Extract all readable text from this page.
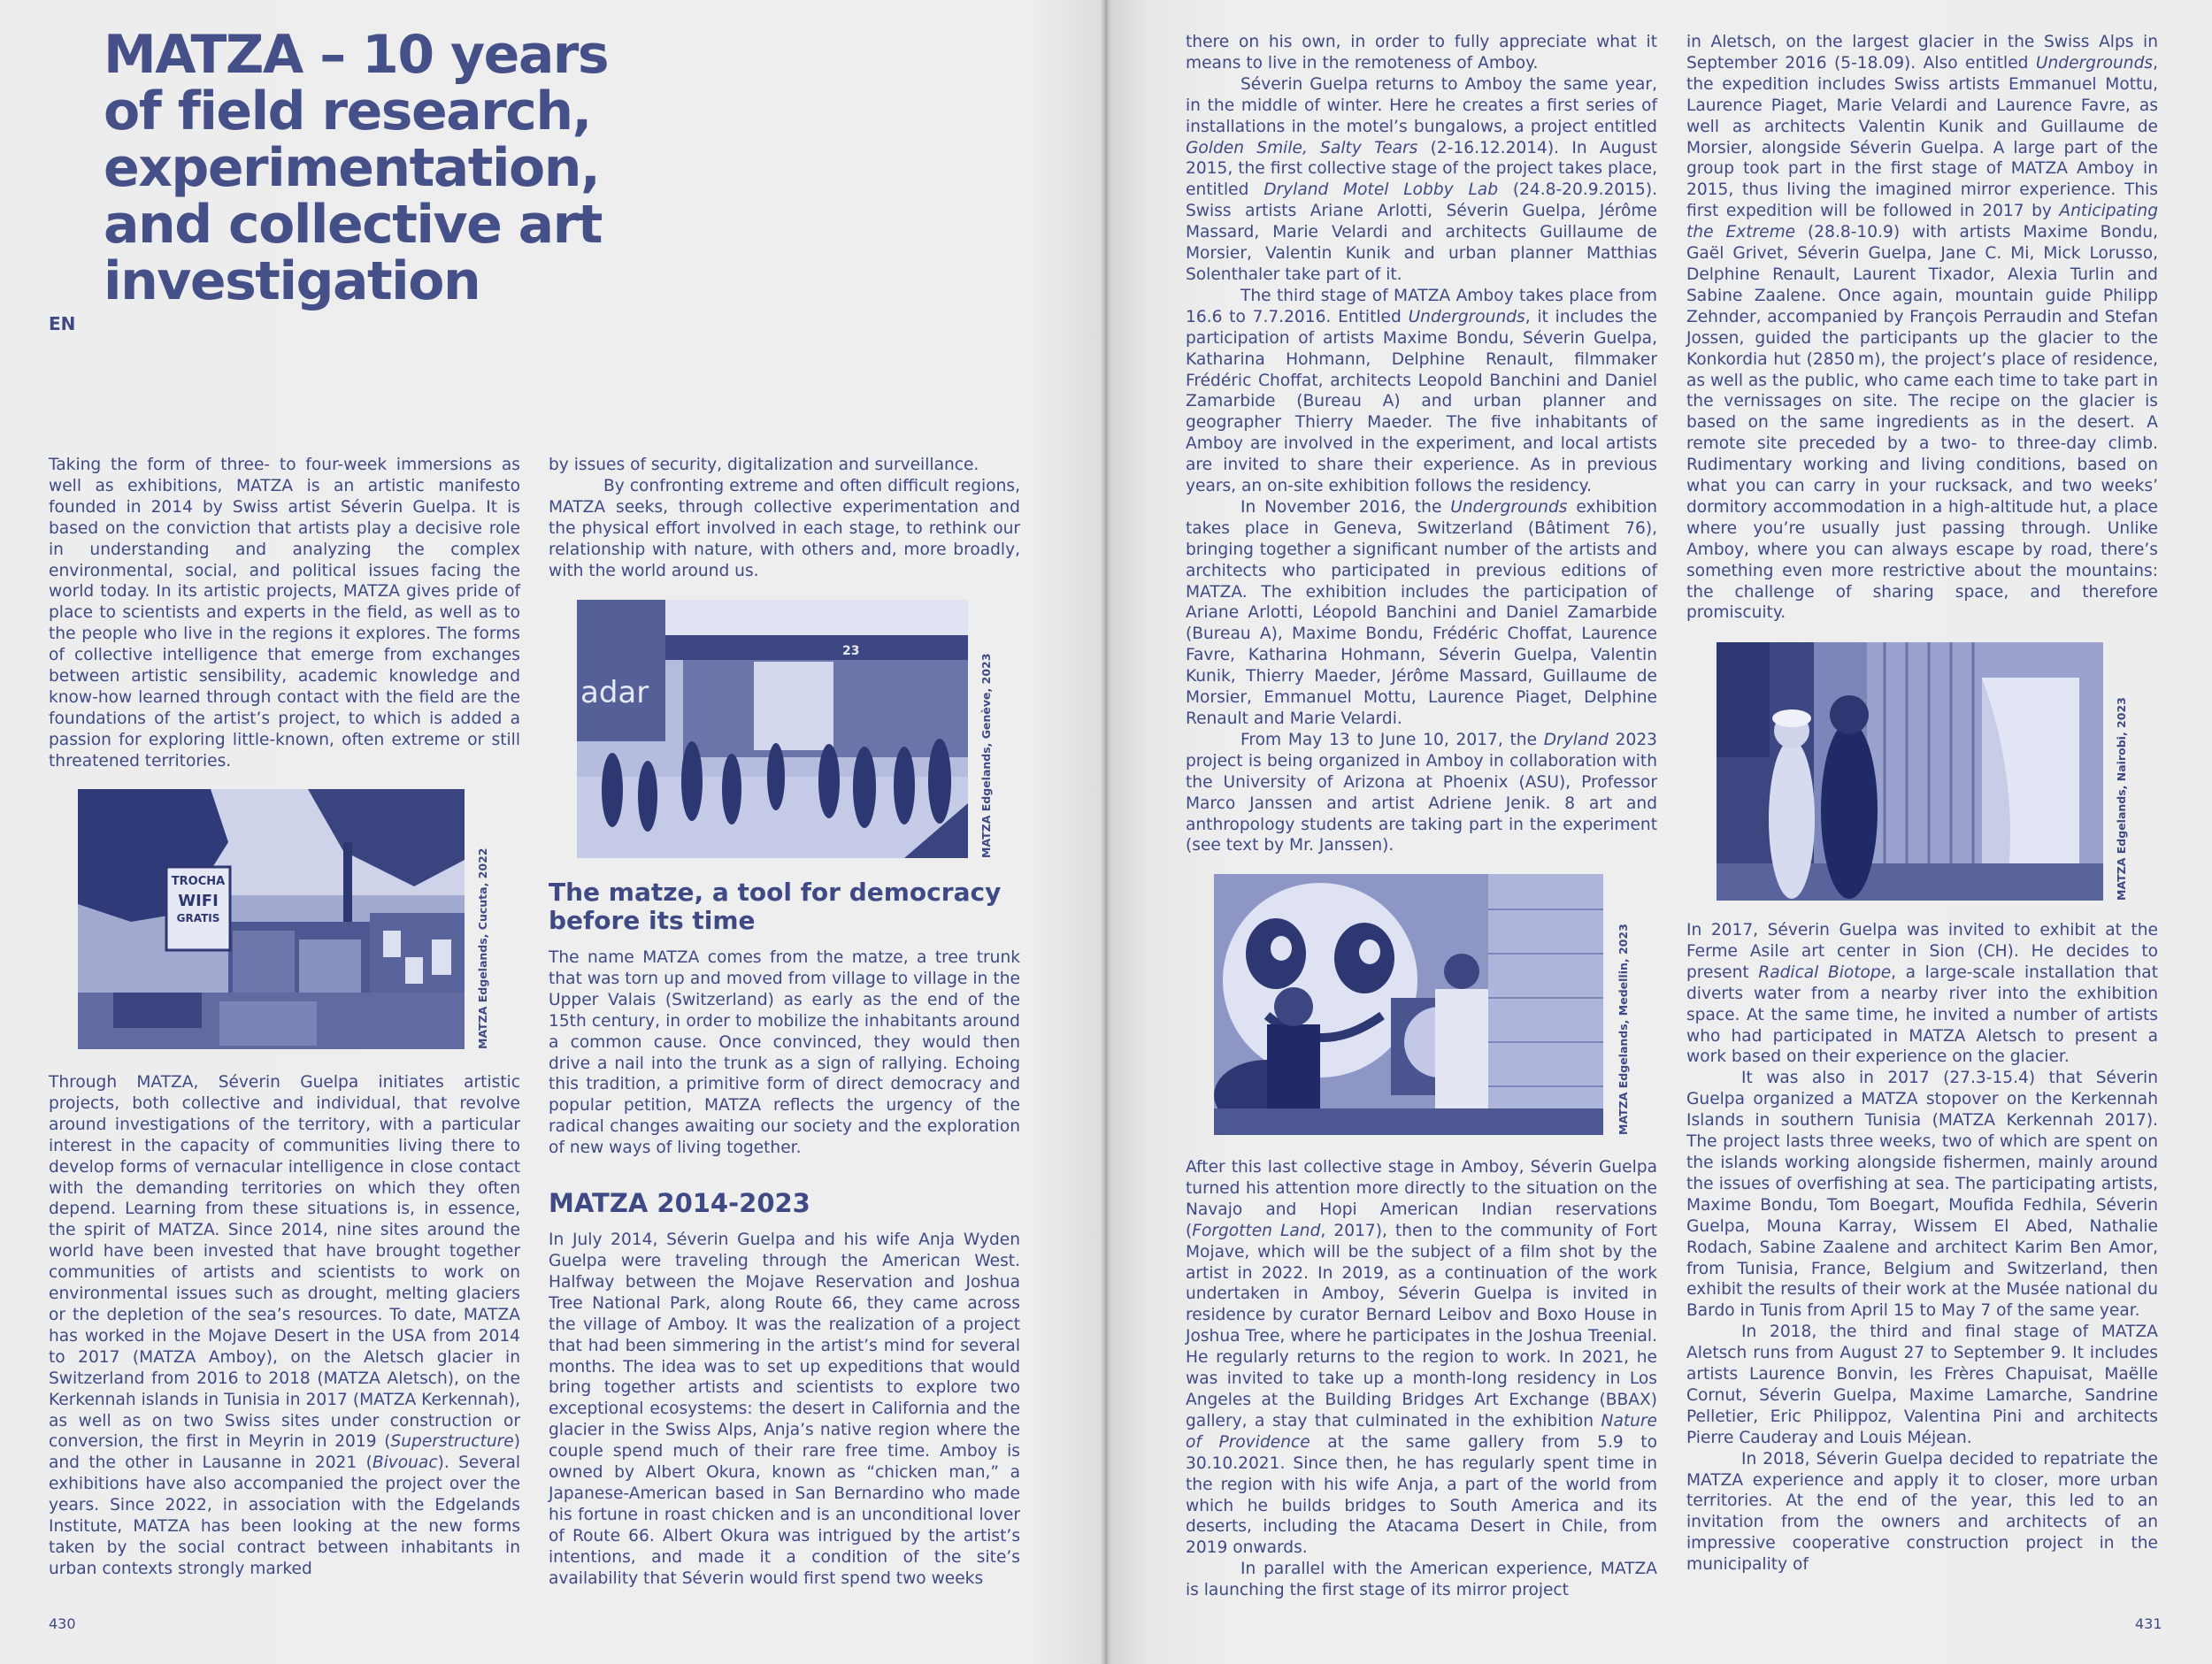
EN
MATZA – 10 years of field research, experimentation, and collective art investigation

Taking the form of three- to four-week immersions as well as exhibitions, MATZA is an artistic manifesto founded in 2014 by Swiss artist Séverin Guelpa. It is based on the conviction that artists play a decisive role in understanding and analyzing the complex environmental, social, and political issues facing the world today. In its artistic projects, MATZA gives pride of place to scientists and experts in the field, as well as to the people who live in the regions it explores. The forms of collective intelligence that emerge from exchanges between artistic sensibility, academic knowledge and know-how learned through contact with the field are the foundations of the artist’s project, to which is added a passion for exploring little-known, often extreme or still threatened territories.

TROCHA
WIFI
GRATIS	MATZA Edgelands, Cucuta, 2022

Through MATZA, Séverin Guelpa initiates artistic projects, both collective and individual, that revolve around investigations of the territory, with a particular interest in the capacity of communities living there to develop forms of vernacular intelligence in close contact with the demanding territories on which they often depend. Learning from these situations is, in essence, the spirit of MATZA. Since 2014, nine sites around the world have been invested that have brought together communities of artists and scientists to work on environmental issues such as drought, melting glaciers or the depletion of the sea’s resources. To date, MATZA has worked in the Mojave Desert in the USA from 2014 to 2017 (MATZA Amboy), on the Aletsch glacier in Switzerland from 2016 to 2018 (MATZA Aletsch), on the Kerkennah islands in Tunisia in 2017 (MATZA Kerkennah), as well as on two Swiss sites under construction or conversion, the first in Meyrin in 2019 (Superstructure) and the other in Lausanne in 2021 (Bivouac). Several exhibitions have also accompanied the project over the years. Since 2022, in association with the Edgelands Institute, MATZA has been looking at the new forms taken by the social contract between inhabitants in urban contexts strongly marked

by issues of security, digitalization and surveillance.

By confronting extreme and often difficult regions, MATZA seeks, through collective experimentation and the physical effort involved in each stage, to rethink our relationship with nature, with others and, more broadly, with the world around us.

adar
23
MATZA Edgelands, Genève, 2023
The matze, a tool for democracy before its time

The name MATZA comes from the matze, a tree trunk that was torn up and moved from village to village in the Upper Valais (Switzerland) as early as the end of the 15th century, in order to mobilize the inhabitants around a common cause. Once convinced, they would then drive a nail into the trunk as a sign of rallying. Echoing this tradition, a primitive form of direct democracy and popular petition, MATZA reflects the urgency of the radical changes awaiting our society and the exploration of new ways of living together.

MATZA 2014-2023

In July 2014, Séverin Guelpa and his wife Anja Wyden Guelpa were traveling through the American West. Halfway between the Mojave Reservation and Joshua Tree National Park, along Route 66, they came across the village of Amboy. It was the realization of a project that had been simmering in the artist’s mind for several months. The idea was to set up expeditions that would bring together artists and scientists to explore two exceptional ecosystems: the desert in California and the glacier in the Swiss Alps, Anja’s native region where the couple spend much of their rare free time. Amboy is owned by Albert Okura, known as “chicken man,” a Japanese-American based in San Bernardino who made his fortune in roast chicken and is an unconditional lover of Route 66. Albert Okura was intrigued by the artist’s intentions, and made it a condition of the site’s availability that Séverin would first spend two weeks

430

there on his own, in order to fully appreciate what it means to live in the remoteness of Amboy.

Séverin Guelpa returns to Amboy the same year, in the middle of winter. Here he creates a first series of installations in the motel’s bungalows, a project entitled Golden Smile, Salty Tears (2-16.12.2014). In August 2015, the first collective stage of the project takes place, entitled Dryland Motel Lobby Lab (24.8-20.9.2015). Swiss artists Ariane Arlotti, Séverin Guelpa, Jérôme Massard, Marie Velardi and architects Guillaume de Morsier, Valentin Kunik and urban planner Matthias Solenthaler take part of it.

The third stage of MATZA Amboy takes place from 16.6 to 7.7.2016. Entitled Undergrounds, it includes the participation of artists Maxime Bondu, Séverin Guelpa, Katharina Hohmann, Delphine Renault, filmmaker Frédéric Choffat, architects Leopold Banchini and Daniel Zamarbide (Bureau A) and urban planner and geographer Thierry Maeder. The five inhabitants of Amboy are involved in the experiment, and local artists are invited to share their experience. As in previous years, an on-site exhibition follows the residency.

In November 2016, the Undergrounds exhibition takes place in Geneva, Switzerland (Bâtiment 76), bringing together a significant number of the artists and architects who participated in previous editions of MATZA. The exhibition includes the participation of Ariane Arlotti, Léopold Banchini and Daniel Zamarbide (Bureau A), Maxime Bondu, Frédéric Choffat, Laurence Favre, Katharina Hohmann, Séverin Guelpa, Valentin Kunik, Thierry Maeder, Jérôme Massard, Guillaume de Morsier, Emmanuel Mottu, Laurence Piaget, Delphine Renault and Marie Velardi.

From May 13 to June 10, 2017, the Dryland 2023 project is being organized in Amboy in collaboration with the University of Arizona at Phoenix (ASU), Professor Marco Janssen and artist Adriene Jenik. 8 art and anthropology students are taking part in the experiment (see text by Mr. Janssen).

MATZA Edgelands, Medellin, 2023

After this last collective stage in Amboy, Séverin Guelpa turned his attention more directly to the situation on the Navajo and Hopi American Indian reservations (Forgotten Land, 2017), then to the community of Fort Mojave, which will be the subject of a film shot by the artist in 2022. In 2019, as a continuation of the work undertaken in Amboy, Séverin Guelpa is invited in residence by curator Bernard Leibov and Boxo House in Joshua Tree, where he participates in the Joshua Treenial. He regularly returns to the region to work. In 2021, he was invited to take up a month-long residency in Los Angeles at the Building Bridges Art Exchange (BBAX) gallery, a stay that culminated in the exhibition Nature of Providence at the same gallery from 5.9 to 30.10.2021. Since then, he has regularly spent time in the region with his wife Anja, a part of the world from which he builds bridges to South America and its deserts, including the Atacama Desert in Chile, from 2019 onwards.

In parallel with the American experience, MATZA is launching the first stage of its mirror project

in Aletsch, on the largest glacier in the Swiss Alps in September 2016 (5-18.09). Also entitled Undergrounds, the expedition includes Swiss artists Emmanuel Mottu, Laurence Piaget, Marie Velardi and Laurence Favre, as well as architects Valentin Kunik and Guillaume de Morsier, alongside Séverin Guelpa. A large part of the group took part in the first stage of MATZA Amboy in 2015, thus living the imagined mirror experience. This first expedition will be followed in 2017 by Anticipating the Extreme (28.8-10.9) with artists Maxime Bondu, Gaël Grivet, Séverin Guelpa, Jane C. Mi, Mick Lorusso, Delphine Renault, Laurent Tixador, Alexia Turlin and Sabine Zaalene. Once again, mountain guide Philipp Zehnder, accompanied by François Perraudin and Stefan Jossen, guided the participants up the glacier to the Konkordia hut (2850 m), the project’s place of residence, as well as the public, who came each time to take part in the vernissages on site. The recipe on the glacier is based on the same ingredients as in the desert. A remote site preceded by a two- to three-day climb. Rudimentary working and living conditions, based on what you can carry in your rucksack, and two weeks’ dormitory accommodation in a high-altitude hut, a place where you’re usually just passing through. Unlike Amboy, where you can always escape by road, there’s something even more restrictive about the mountains: the challenge of sharing space, and therefore promiscuity.

MATZA Edgelands, Nairobi, 2023

In 2017, Séverin Guelpa was invited to exhibit at the Ferme Asile art center in Sion (CH). He decides to present Radical Biotope, a large-scale installation that diverts water from a nearby river into the exhibition space. At the same time, he invited a number of artists who had participated in MATZA Aletsch to present a work based on their experience on the glacier.

It was also in 2017 (27.3-15.4) that Séverin Guelpa organized a MATZA stopover on the Kerkennah Islands in southern Tunisia (MATZA Kerkennah 2017). The project lasts three weeks, two of which are spent on the islands working alongside fishermen, mainly around the issues of overfishing at sea. The participating artists, Maxime Bondu, Tom Boegart, Moufida Fedhila, Séverin Guelpa, Mouna Karray, Wissem El Abed, Nathalie Rodach, Sabine Zaalene and architect Karim Ben Amor, from Tunisia, France, Belgium and Switzerland, then exhibit the results of their work at the Musée national du Bardo in Tunis from April 15 to May 7 of the same year.

In 2018, the third and final stage of MATZA Aletsch runs from August 27 to September 9. It includes artists Laurence Bonvin, les Frères Chapuisat, Maëlle Cornut, Séverin Guelpa, Maxime Lamarche, Sandrine Pelletier, Eric Philippoz, Valentina Pini and architects Pierre Cauderay and Louis Méjean.

In 2018, Séverin Guelpa decided to repatriate the MATZA experience and apply it to closer, more urban territories. At the end of the year, this led to an invitation from the owners and architects of an impressive cooperative construction project in the municipality of

431
